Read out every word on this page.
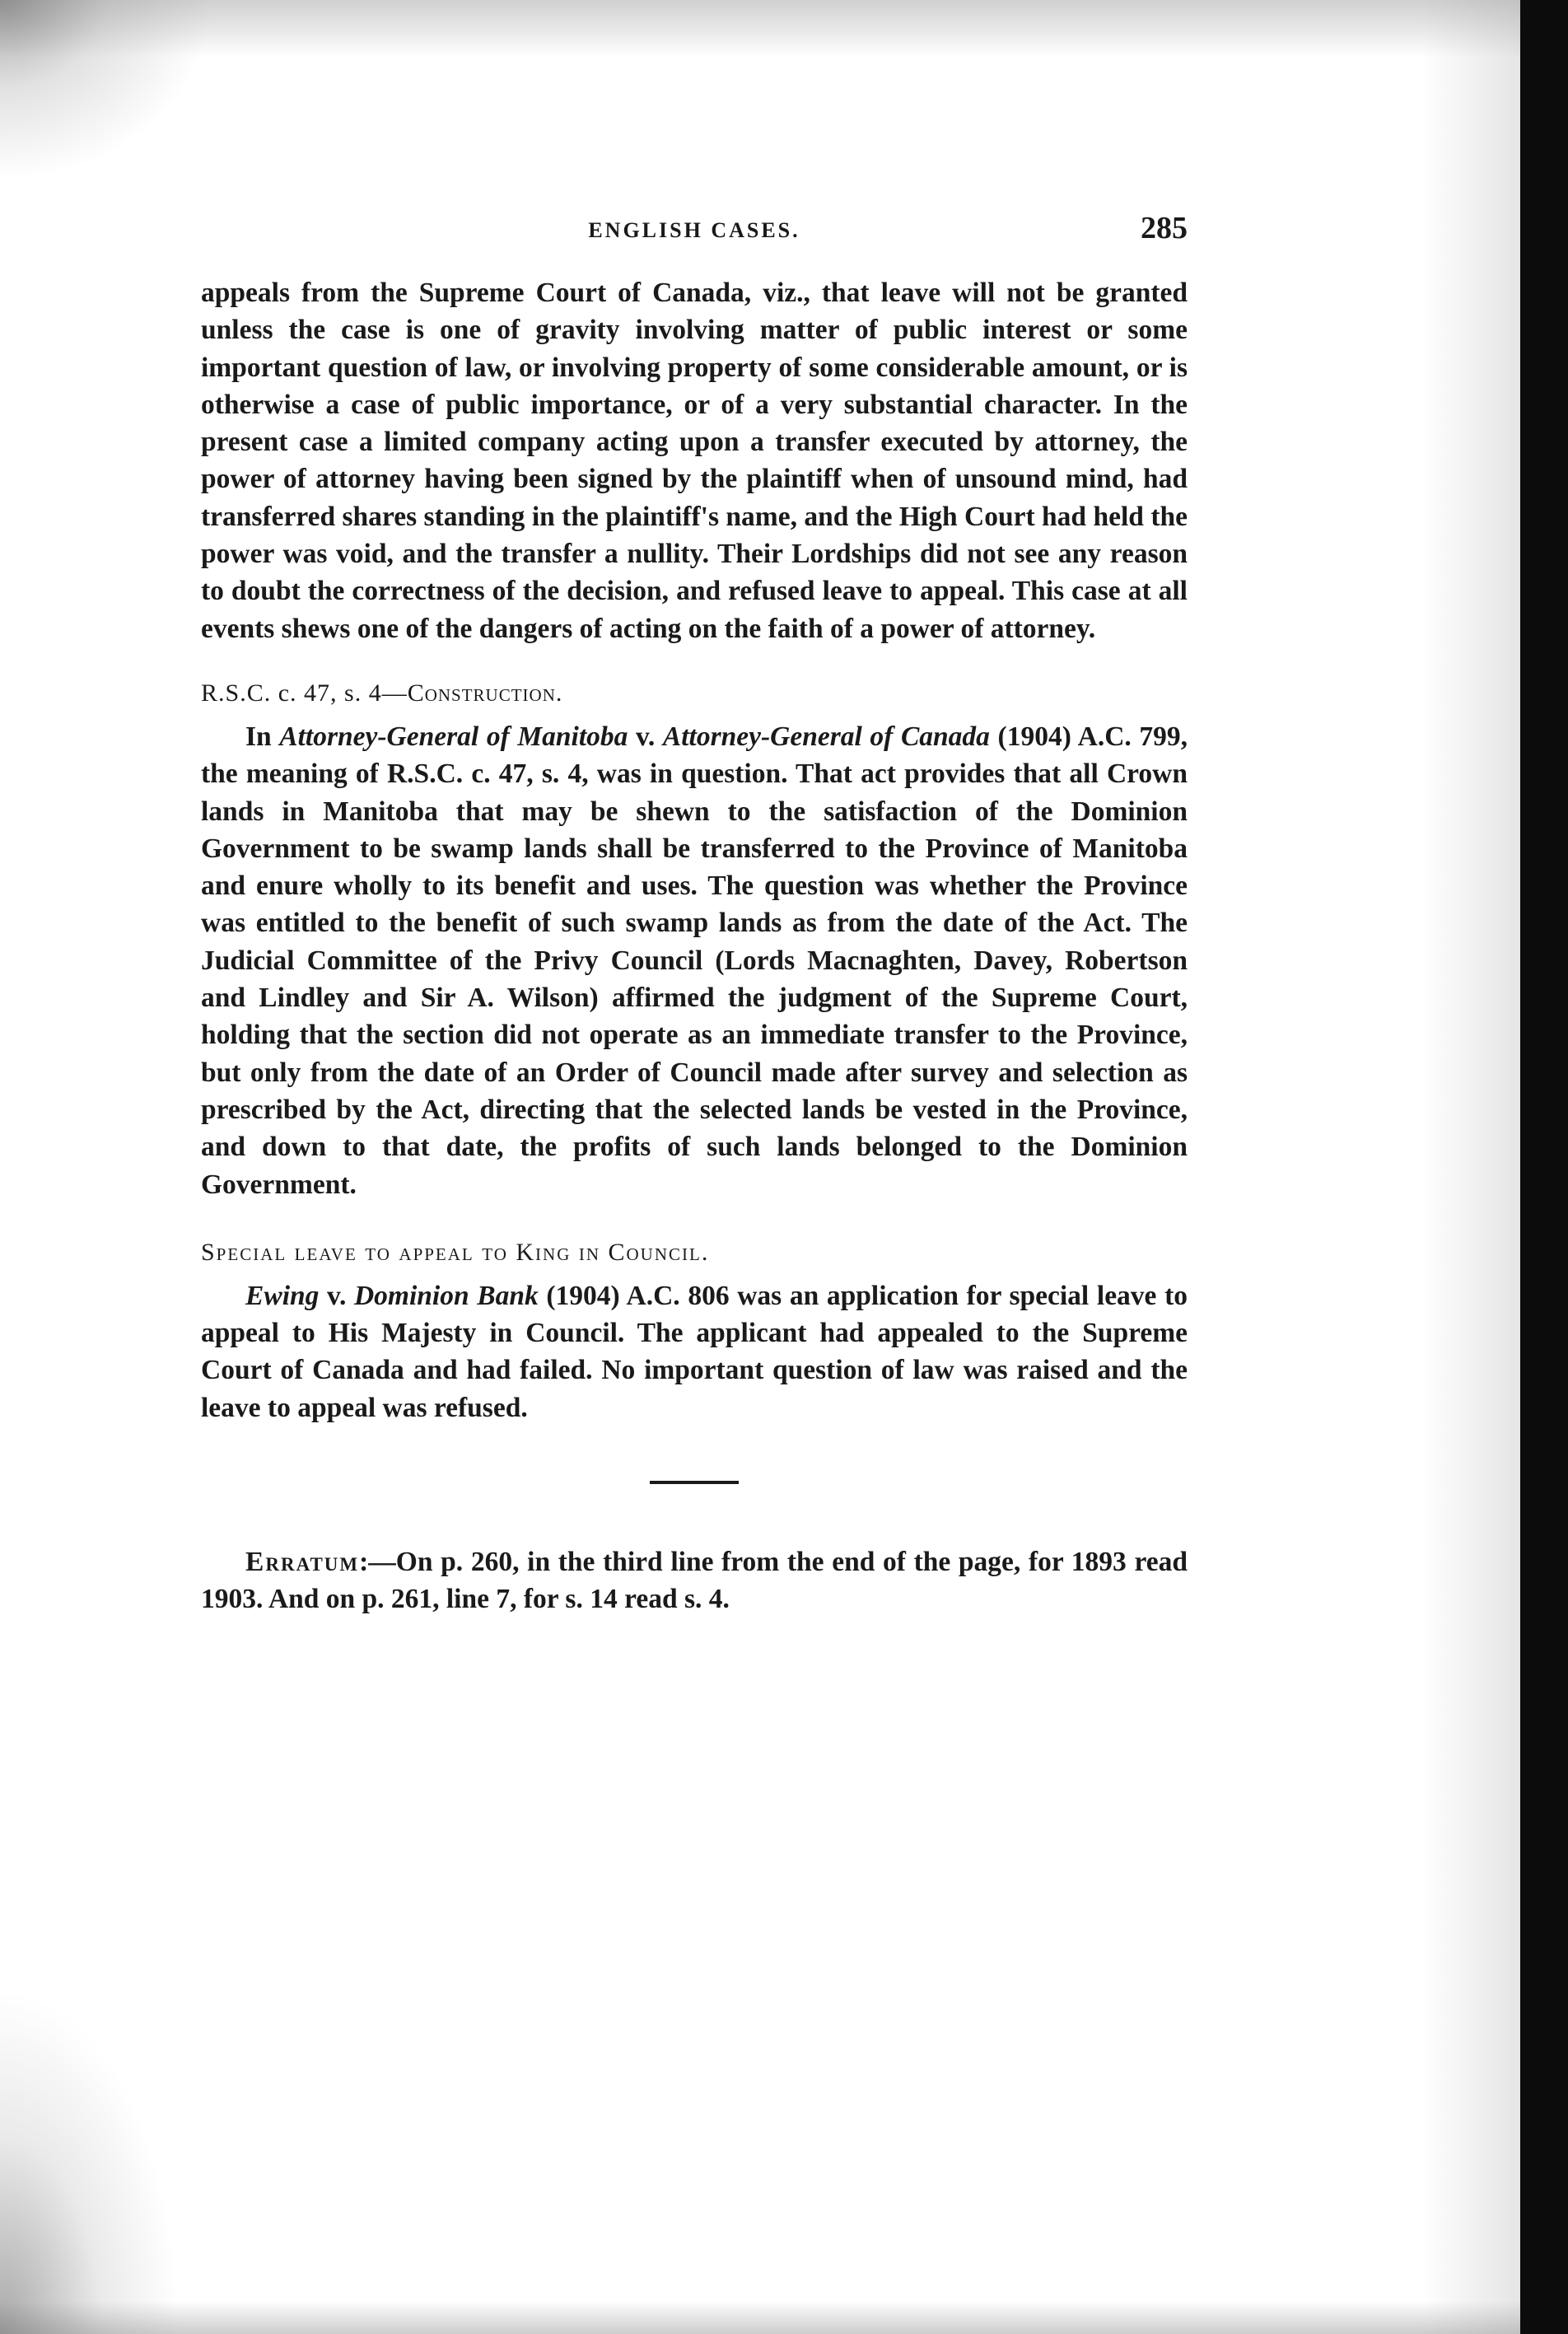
ENGLISH CASES.	285

appeals from the Supreme Court of Canada, viz., that leave will not be granted unless the case is one of gravity involving matter of public interest or some important question of law, or involving property of some considerable amount, or is otherwise a case of public importance, or of a very substantial character. In the present case a limited company acting upon a transfer executed by attorney, the power of attorney having been signed by the plaintiff when of unsound mind, had transferred shares standing in the plaintiff's name, and the High Court had held the power was void, and the transfer a nullity. Their Lordships did not see any reason to doubt the correctness of the decision, and refused leave to appeal. This case at all events shews one of the dangers of acting on the faith of a power of attorney.

R.S.C. c. 47, s. 4—Construction.

In Attorney-General of Manitoba v. Attorney-General of Canada (1904) A.C. 799, the meaning of R.S.C. c. 47, s. 4, was in question. That act provides that all Crown lands in Manitoba that may be shewn to the satisfaction of the Dominion Government to be swamp lands shall be transferred to the Province of Manitoba and enure wholly to its benefit and uses. The question was whether the Province was entitled to the benefit of such swamp lands as from the date of the Act. The Judicial Committee of the Privy Council (Lords Macnaghten, Davey, Robertson and Lindley and Sir A. Wilson) affirmed the judgment of the Supreme Court, holding that the section did not operate as an immediate transfer to the Province, but only from the date of an Order of Council made after survey and selection as prescribed by the Act, directing that the selected lands be vested in the Province, and down to that date, the profits of such lands belonged to the Dominion Government.

Special leave to appeal to King in Council.

Ewing v. Dominion Bank (1904) A.C. 806 was an application for special leave to appeal to His Majesty in Council. The applicant had appealed to the Supreme Court of Canada and had failed. No important question of law was raised and the leave to appeal was refused.

Erratum:—On p. 260, in the third line from the end of the page, for 1893 read 1903. And on p. 261, line 7, for s. 14 read s. 4.
